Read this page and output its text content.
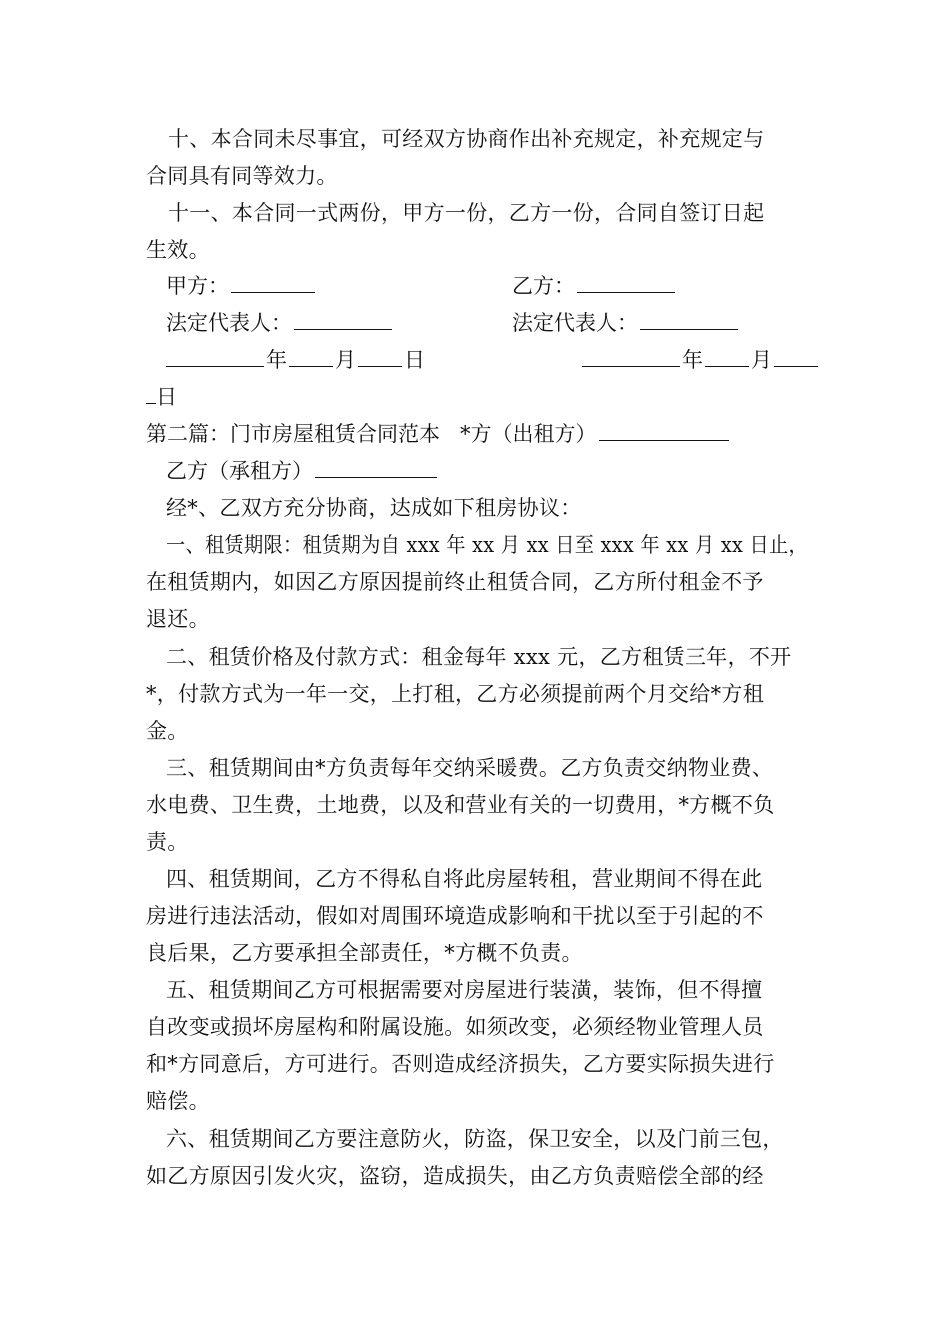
十、本合同未尽事宜，可经双方协商作出补充规定，补充规定与
合同具有同等效力。
十一、本合同一式两份，甲方一份，乙方一份，合同自签订日起
生效。
甲方：	乙方：
法定代表人：	法定代表人：
年 月 日	年 月
日
第二篇：门市房屋租赁合同范本 *方（出租方）
乙方（承租方）
经*、乙双方充分协商，达成如下租房协议：
一、租赁期限：租赁期为自 xxx 年 xx 月 xx 日至 xxx 年 xx 月 xx 日止，
在租赁期内，如因乙方原因提前终止租赁合同，乙方所付租金不予
退还。
二、租赁价格及付款方式：租金每年 xxx 元，乙方租赁三年，不开
*，付款方式为一年一交，上打租，乙方必须提前两个月交给*方租
金。
三、租赁期间由*方负责每年交纳采暖费。乙方负责交纳物业费、
水电费、卫生费，土地费，以及和营业有关的一切费用，*方概不负
责。
四、租赁期间，乙方不得私自将此房屋转租，营业期间不得在此
房进行违法活动，假如对周围环境造成影响和干扰以至于引起的不
良后果，乙方要承担全部责任，*方概不负责。
五、租赁期间乙方可根据需要对房屋进行装潢，装饰，但不得擅
自改变或损坏房屋构和附属设施。如须改变，必须经物业管理人员
和*方同意后，方可进行。否则造成经济损失，乙方要实际损失进行
赔偿。
六、租赁期间乙方要注意防火，防盗，保卫安全，以及门前三包，
如乙方原因引发火灾，盗窃，造成损失，由乙方负责赔偿全部的经
